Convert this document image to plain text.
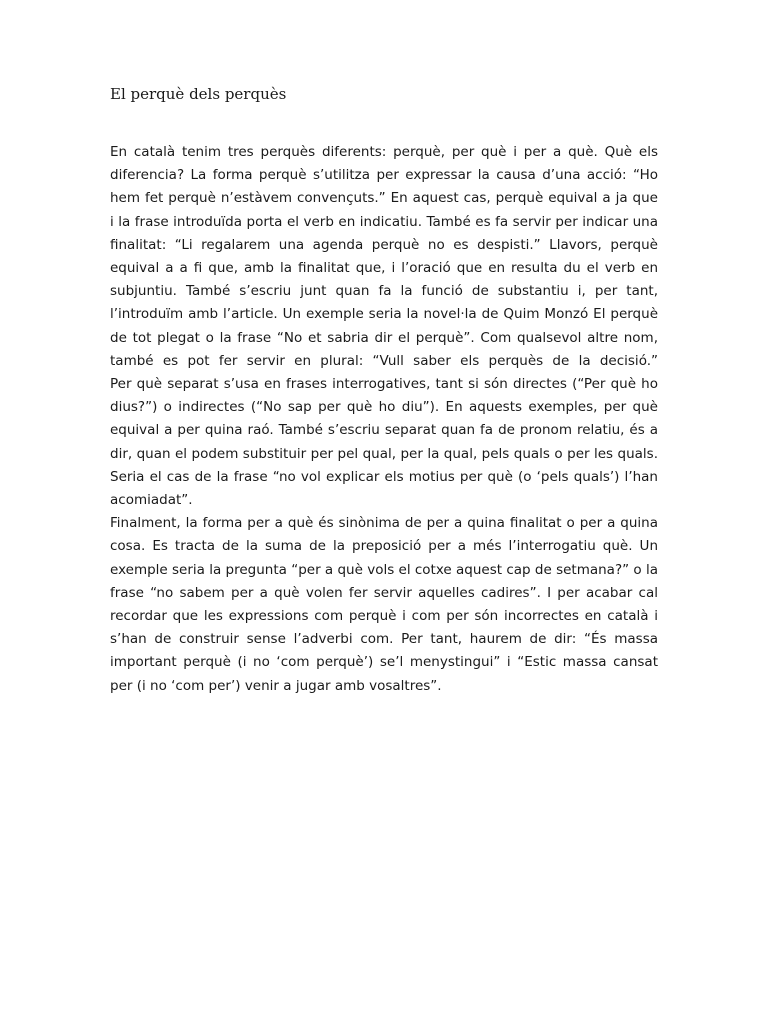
El perquè dels perquès

En català tenim tres perquès diferents: perquè, per què i per a què. Què els diferencia? La forma perquè s’utilitza per expressar la causa d’una acció: “Ho hem fet perquè n’estàvem convençuts.” En aquest cas, perquè equival a ja que i la frase introduïda porta el verb en indicatiu. També es fa servir per indicar una finalitat: “Li regalarem una agenda perquè no es despisti.” Llavors, perquè equival a a fi que, amb la finalitat que, i l’oració que en resulta du el verb en subjuntiu. També s’escriu junt quan fa la funció de substantiu i, per tant, l’introduïm amb l’article. Un exemple seria la novel·la de Quim Monzó El perquè de tot plegat o la frase “No et sabria dir el perquè”. Com qualsevol altre nom, també es pot fer servir en plural: “Vull saber els perquès de la decisió.”

Per què separat s’usa en frases interrogatives, tant si són directes (“Per què ho dius?”) o indirectes (“No sap per què ho diu”). En aquests exemples, per què equival a per quina raó. També s’escriu separat quan fa de pronom relatiu, és a dir, quan el podem substituir per pel qual, per la qual, pels quals o per les quals. Seria el cas de la frase “no vol explicar els motius per què (o ‘pels quals’) l’han acomiadat”.

Finalment, la forma per a què és sinònima de per a quina finalitat o per a quina cosa. Es tracta de la suma de la preposició per a més l’interrogatiu què. Un exemple seria la pregunta “per a què vols el cotxe aquest cap de setmana?” o la frase “no sabem per a què volen fer servir aquelles cadires”. I per acabar cal recordar que les expressions com perquè i com per són incorrectes en català i s’han de construir sense l’adverbi com. Per tant, haurem de dir: “És massa important perquè (i no ‘com perquè’) se’l menystingui” i “Estic massa cansat per (i no ‘com per’) venir a jugar amb vosaltres”.
